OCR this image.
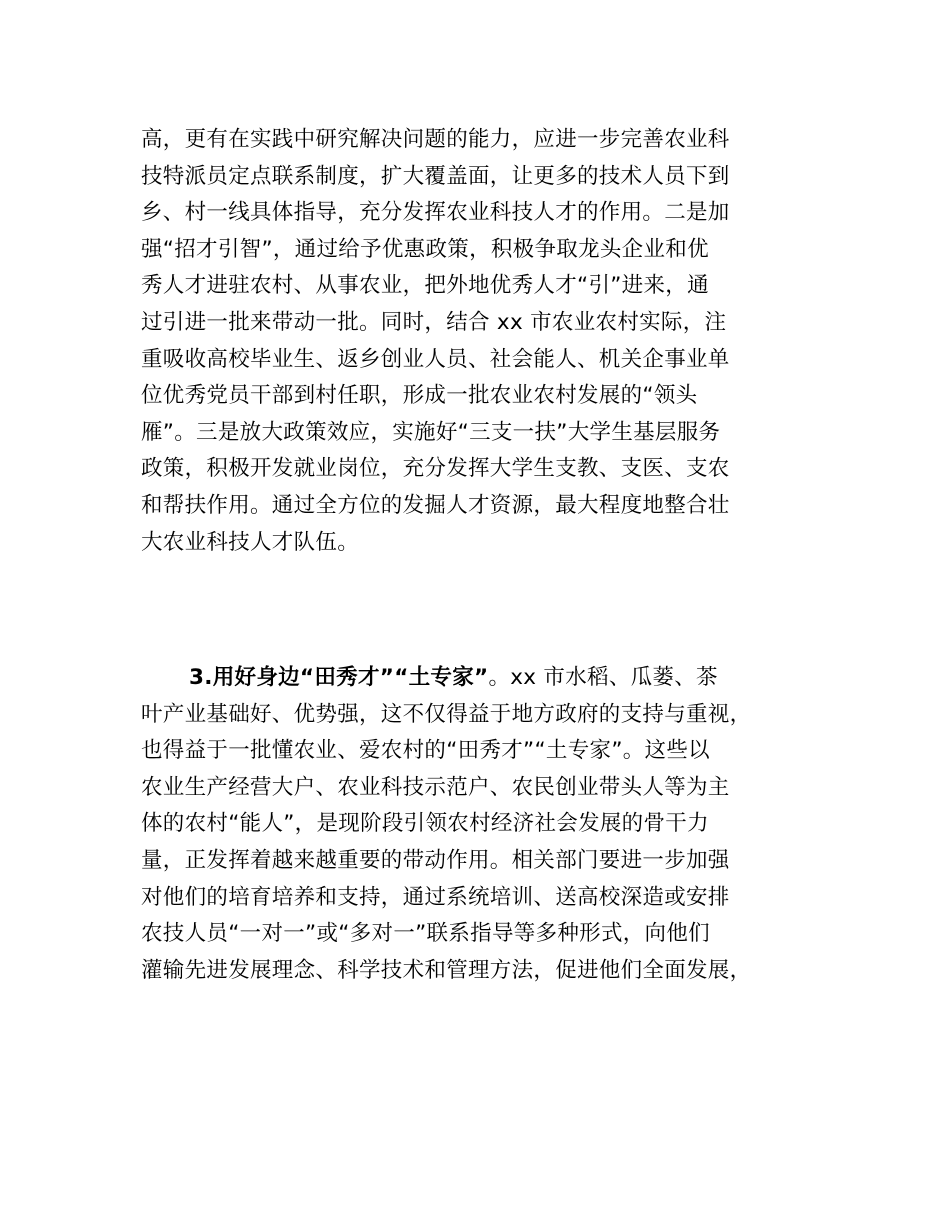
高，更有在实践中研究解决问题的能力，应进一步完善农业科
技特派员定点联系制度，扩大覆盖面，让更多的技术人员下到
乡、村一线具体指导，充分发挥农业科技人才的作用。二是加
强“招才引智”，通过给予优惠政策，积极争取龙头企业和优
秀人才进驻农村、从事农业，把外地优秀人才“引”进来，通
过引进一批来带动一批。同时，结合 xx 市农业农村实际，注
重吸收高校毕业生、返乡创业人员、社会能人、机关企事业单
位优秀党员干部到村任职，形成一批农业农村发展的“领头
雁”。三是放大政策效应，实施好“三支一扶”大学生基层服务
政策，积极开发就业岗位，充分发挥大学生支教、支医、支农
和帮扶作用。通过全方位的发掘人才资源，最大程度地整合壮
大农业科技人才队伍。
3.用好身边“田秀才”“土专家”。xx 市水稻、瓜蒌、茶
叶产业基础好、优势强，这不仅得益于地方政府的支持与重视，
也得益于一批懂农业、爱农村的“田秀才”“土专家”。这些以
农业生产经营大户、农业科技示范户、农民创业带头人等为主
体的农村“能人”，是现阶段引领农村经济社会发展的骨干力
量，正发挥着越来越重要的带动作用。相关部门要进一步加强
对他们的培育培养和支持，通过系统培训、送高校深造或安排
农技人员“一对一”或“多对一”联系指导等多种形式，向他们
灌输先进发展理念、科学技术和管理方法，促进他们全面发展，
